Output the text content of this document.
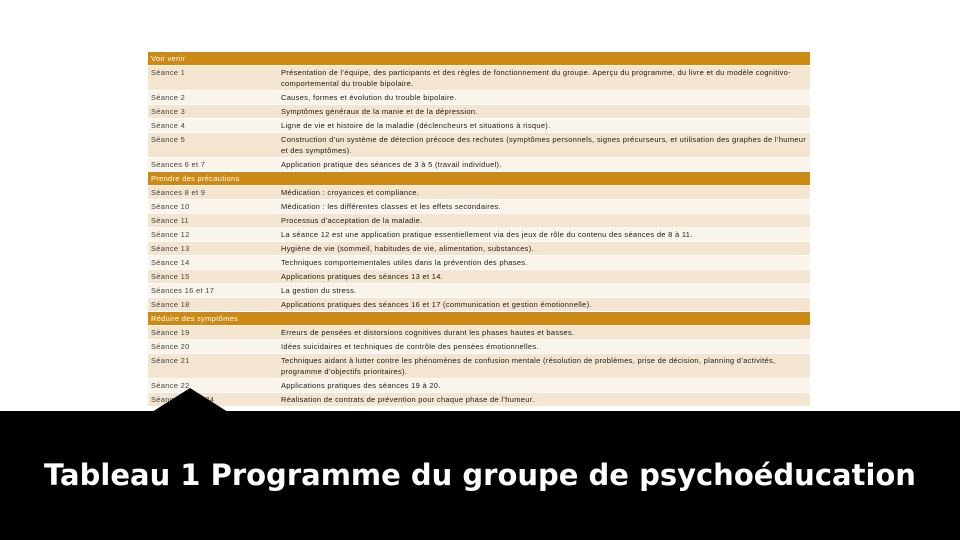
Voir venir	
Séance 1	Présentation de l’équipe, des participants et des règles de fonctionnement du groupe. Aperçu du programme, du livre et du modèle cognitivo-comportemental du trouble bipolaire.
Séance 2	Causes, formes et évolution du trouble bipolaire.
Séance 3	Symptômes généraux de la manie et de la dépression.
Séance 4	Ligne de vie et histoire de la maladie (déclencheurs et situations à risque).
Séance 5	Construction d’un système de détection précoce des rechutes (symptômes personnels, signes précurseurs, et utilisation des graphes de l’humeur et des symptômes).
Séances 6 et 7	Application pratique des séances de 3 à 5 (travail individuel).
Prendre des précautions	
Séances 8 et 9	Médication : croyances et compliance.
Séance 10	Médication : les différentes classes et les effets secondaires.
Séance 11	Processus d’acceptation de la maladie.
Séance 12	La séance 12 est une application pratique essentiellement via des jeux de rôle du contenu des séances de 8 à 11.
Séance 13	Hygiène de vie (sommeil, habitudes de vie, alimentation, substances).
Séance 14	Techniques comportementales utiles dans la prévention des phases.
Séance 15	Applications pratiques des séances 13 et 14.
Séances 16 et 17	La gestion du stress.
Séance 18	Applications pratiques des séances 16 et 17 (communication et gestion émotionnelle).
Réduire des symptômes	
Séance 19	Erreurs de pensées et distorsions cognitives durant les phases hautes et basses.
Séance 20	Idées suicidaires et techniques de contrôle des pensées émotionnelles.
Séance 21	Techniques aidant à lutter contre les phénomènes de confusion mentale (résolution de problèmes, prise de décision, planning d’activités, programme d’objectifs prioritaires).
Séance 22	Applications pratiques des séances 19 à 20.
Séances 23 et 24	Réalisation de contrats de prévention pour chaque phase de l’humeur.
Tableau 1 Programme du groupe de psychoéducation
